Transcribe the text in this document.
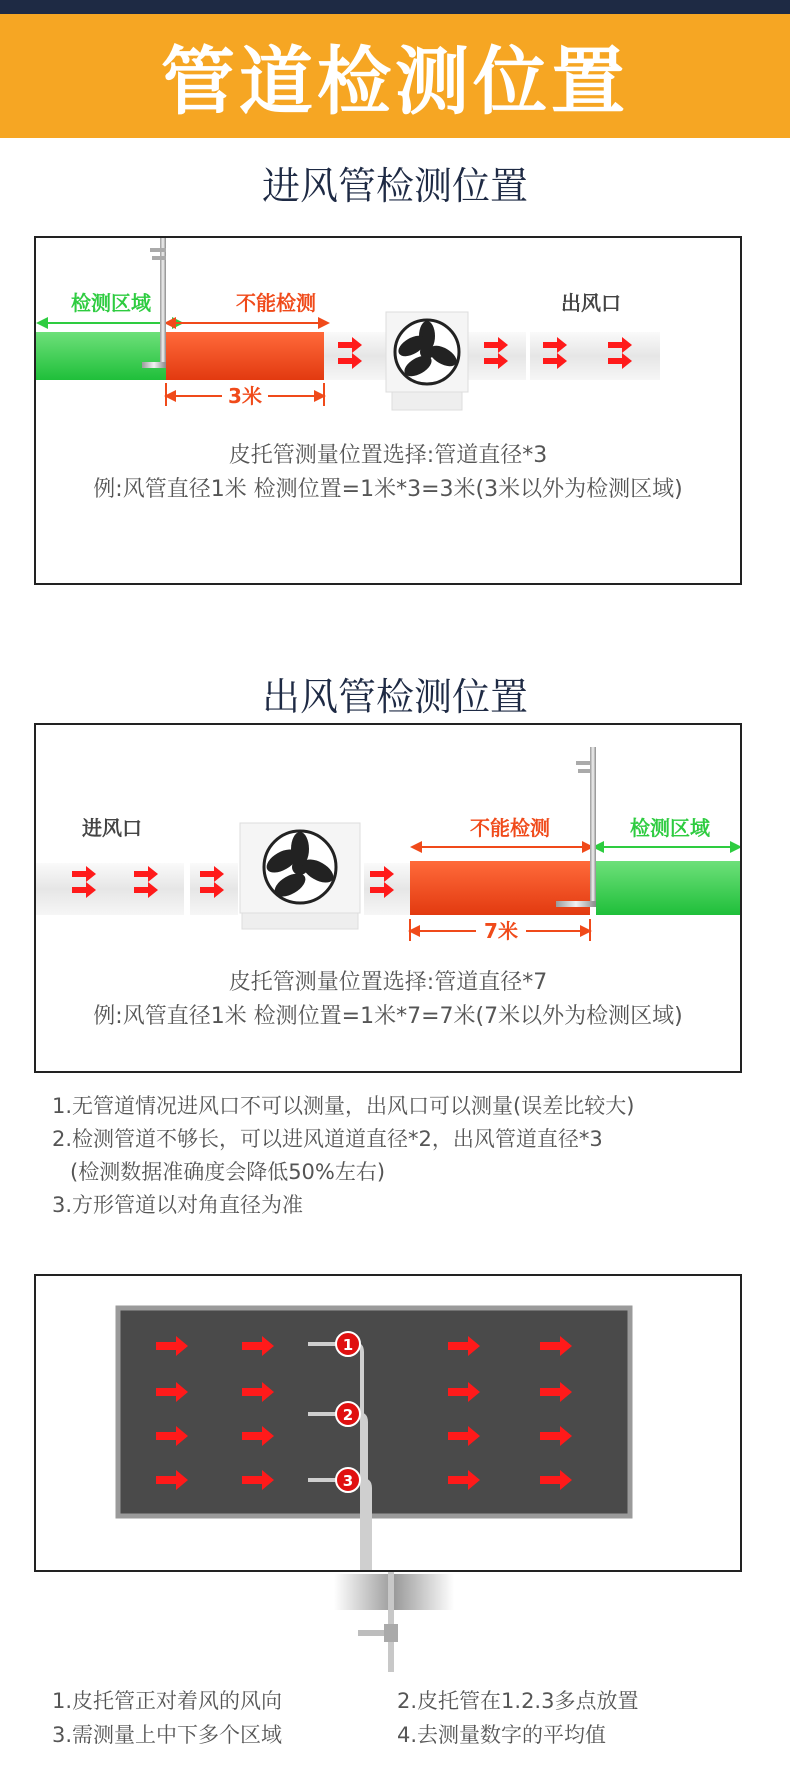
管道检测位置
进风管检测位置
检测区域	不能检测	出风口
3米
皮托管测量位置选择:管道直径*3
例:风管直径1米 检测位置=1米*3=3米(3米以外为检测区域)
出风管检测位置
进风口	不能检测	检测区域
7米
皮托管测量位置选择:管道直径*7
例:风管直径1米 检测位置=1米*7=7米(7米以外为检测区域)
1.无管道情况进风口不可以测量，出风口可以测量(误差比较大)
2.检测管道不够长，可以进风道道直径*2，出风管道直径*3
(检测数据准确度会降低50%左右)
3.方形管道以对角直径为准
1
2
3
1.皮托管正对着风的风向	2.皮托管在1.2.3多点放置
3.需测量上中下多个区域	4.去测量数字的平均值
